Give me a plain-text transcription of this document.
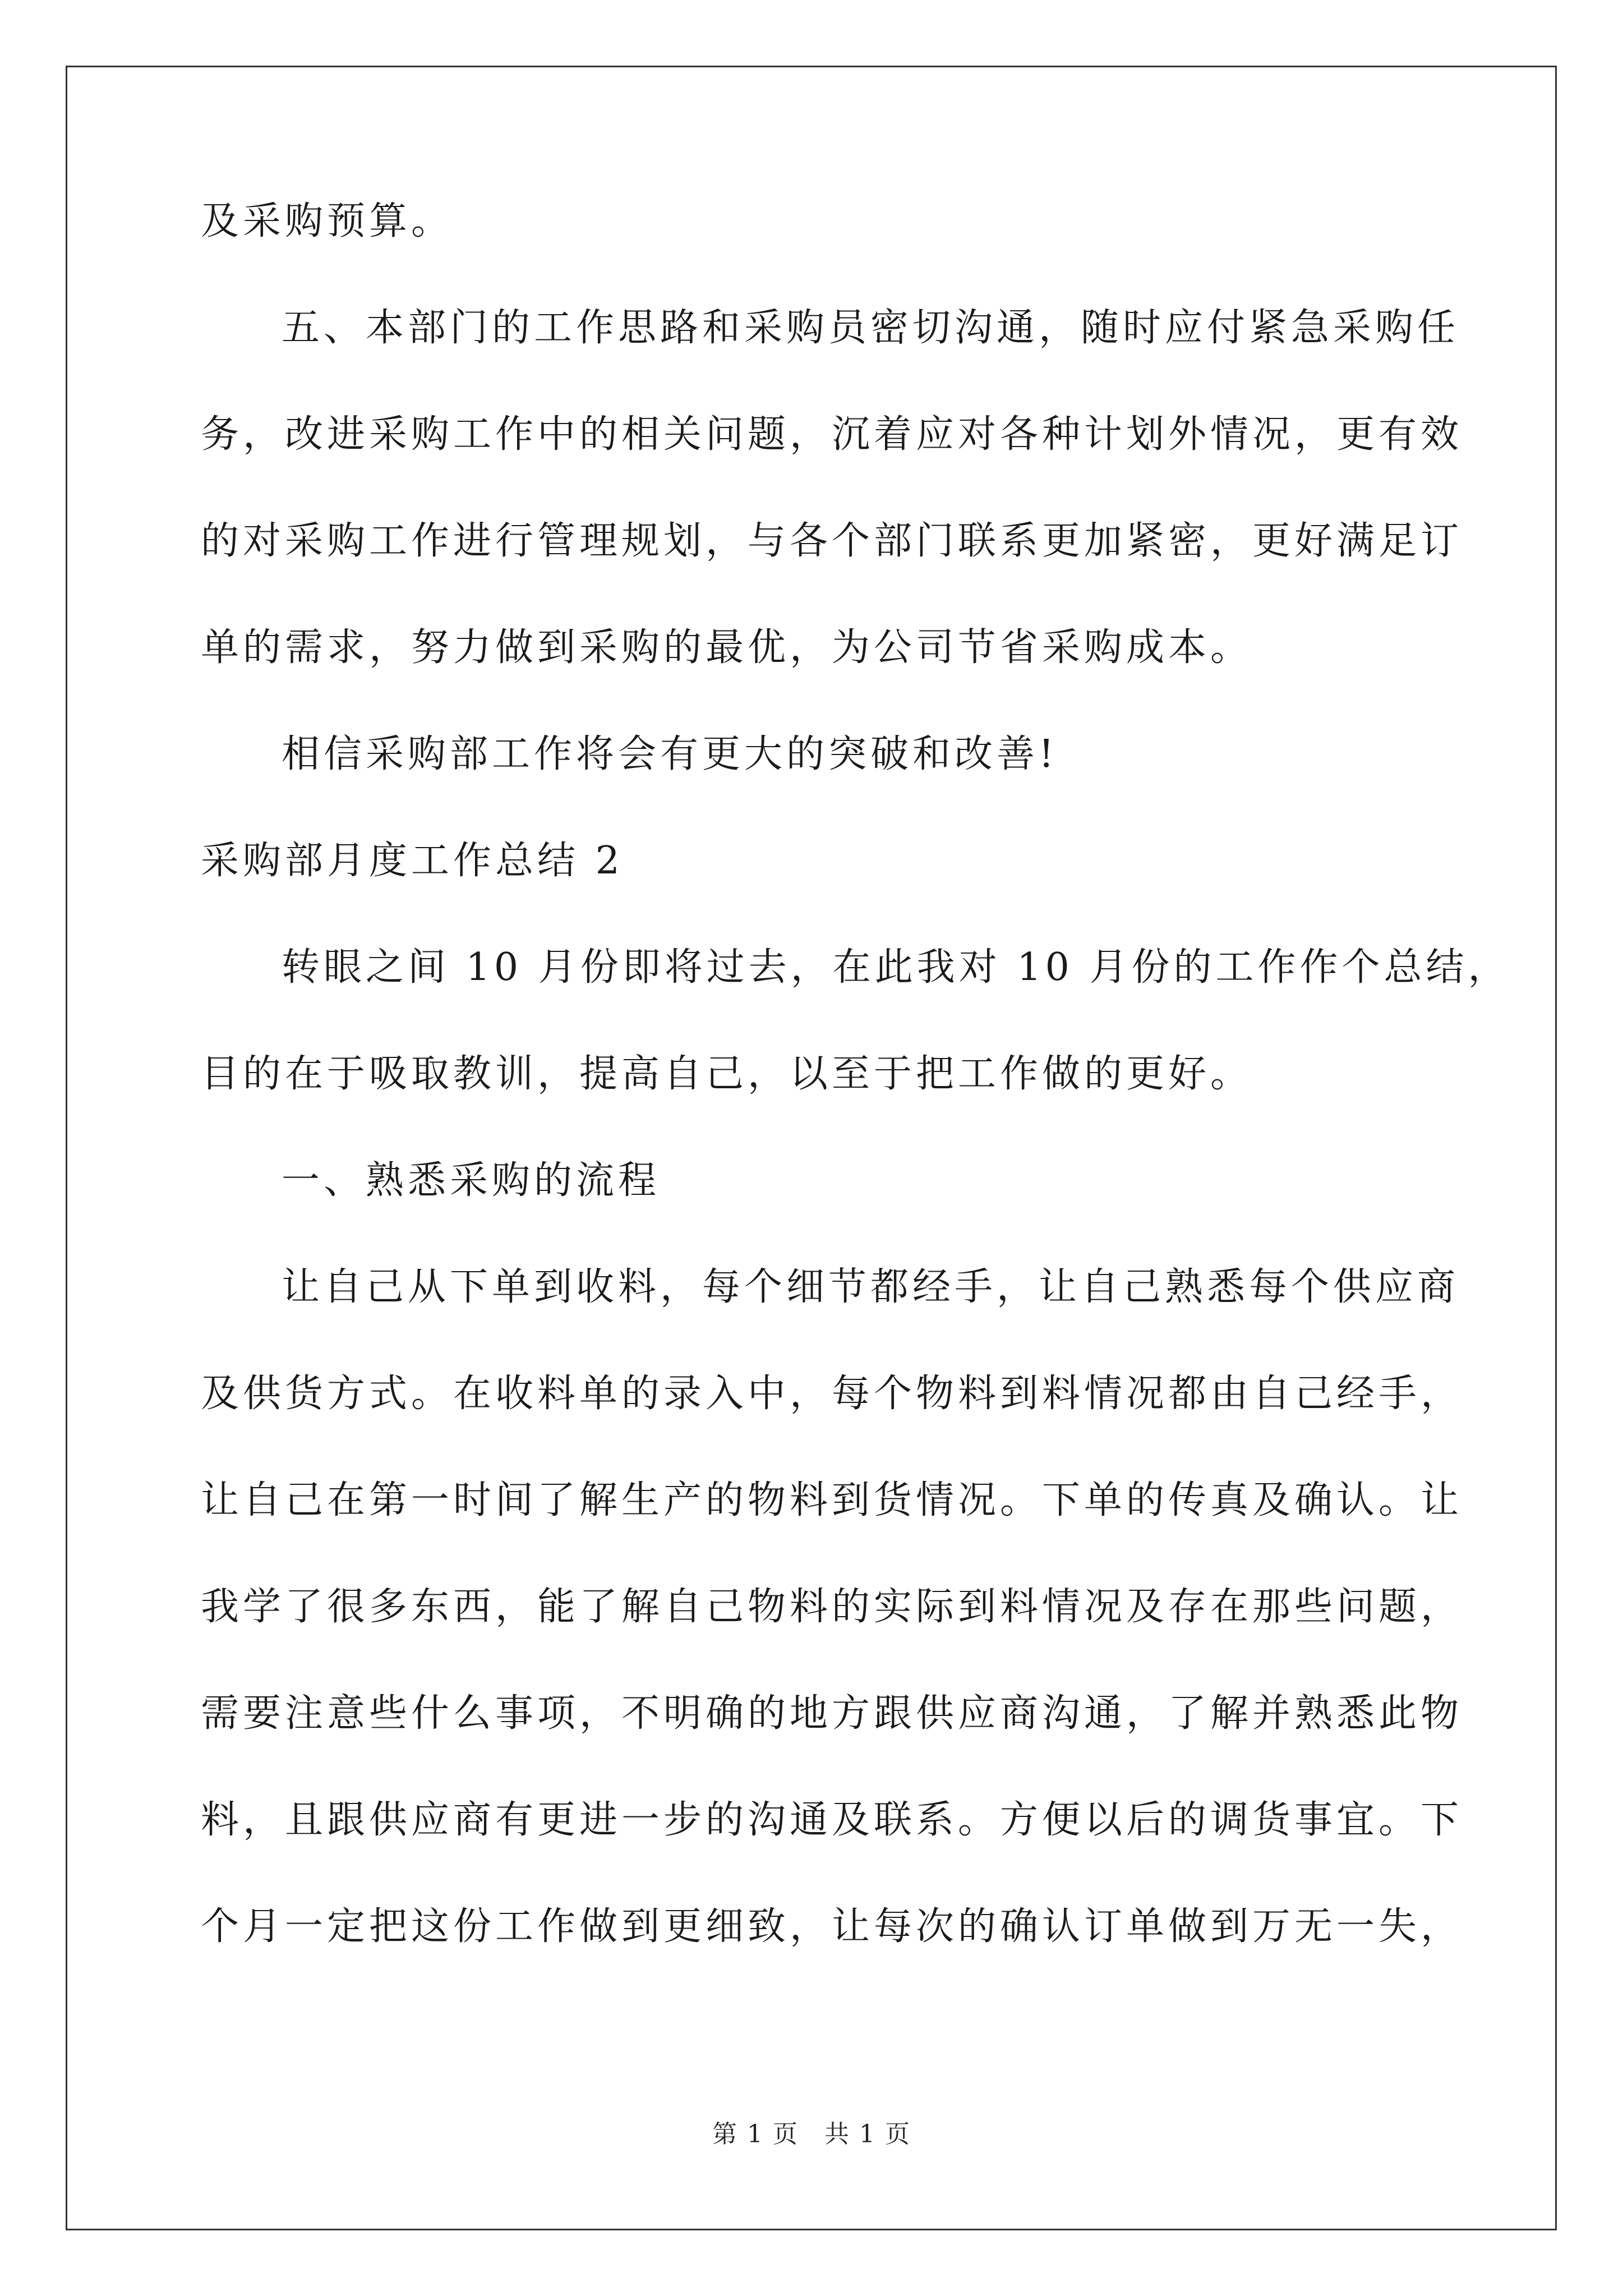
及采购预算。
五、本部门的工作思路和采购员密切沟通，随时应付紧急采购任
务，改进采购工作中的相关问题，沉着应对各种计划外情况，更有效
的对采购工作进行管理规划，与各个部门联系更加紧密，更好满足订
单的需求，努力做到采购的最优，为公司节省采购成本。
相信采购部工作将会有更大的突破和改善!
采购部月度工作总结 2
转眼之间 10 月份即将过去，在此我对 10 月份的工作作个总结，
目的在于吸取教训，提高自己，以至于把工作做的更好。
一、熟悉采购的流程
让自己从下单到收料，每个细节都经手，让自己熟悉每个供应商
及供货方式。在收料单的录入中，每个物料到料情况都由自己经手，
让自己在第一时间了解生产的物料到货情况。下单的传真及确认。让
我学了很多东西，能了解自己物料的实际到料情况及存在那些问题，
需要注意些什么事项，不明确的地方跟供应商沟通，了解并熟悉此物
料，且跟供应商有更进一步的沟通及联系。方便以后的调货事宜。下
个月一定把这份工作做到更细致，让每次的确认订单做到万无一失，
第 1 页　共 1 页
